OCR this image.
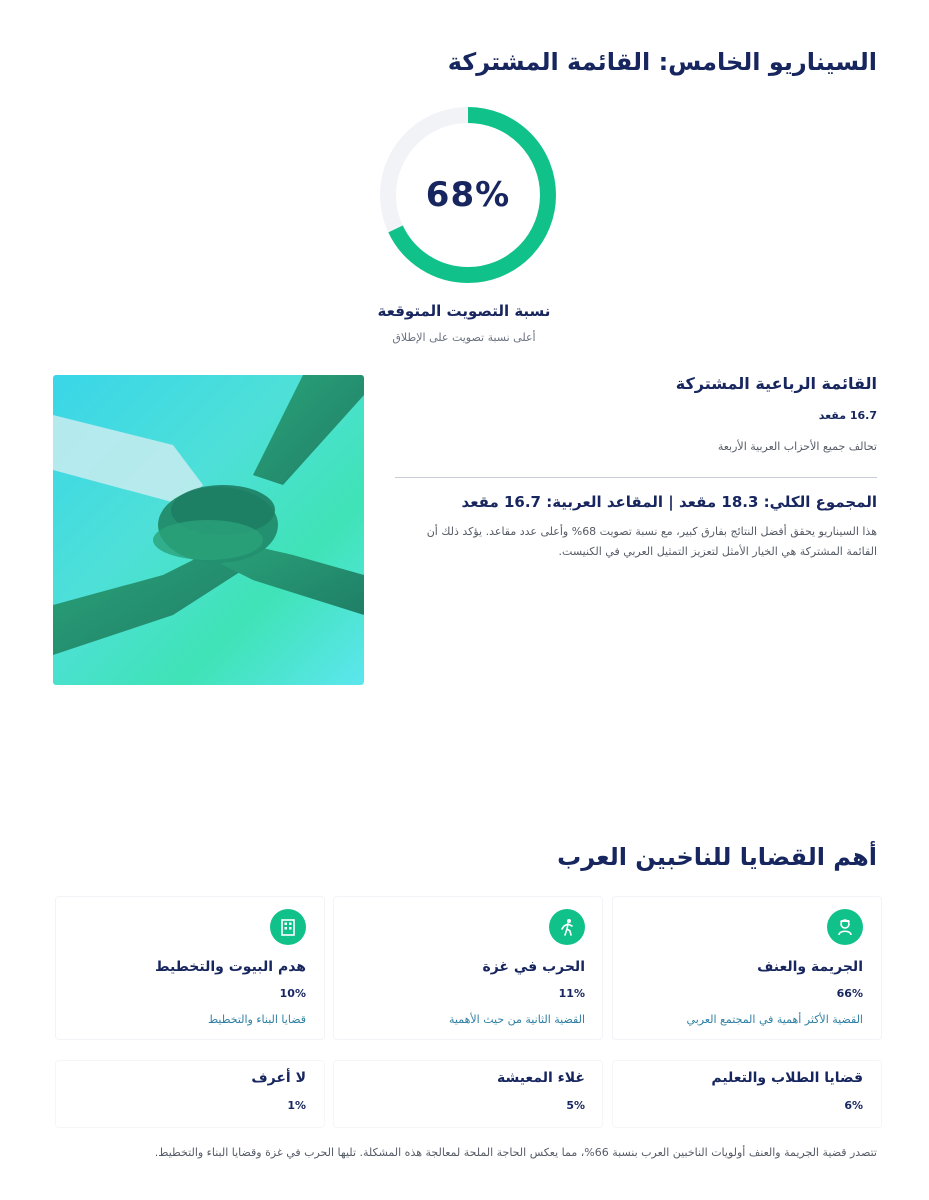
السيناريو الخامس: القائمة المشتركة
68%
نسبة التصويت المتوقعة
أعلى نسبة تصويت على الإطلاق
القائمة الرباعية المشتركة
16.7 مقعد
تحالف جميع الأحزاب العربية الأربعة
المجموع الكلي: 18.3 مقعد | المقاعد العربية: 16.7 مقعد
هذا السيناريو يحقق أفضل النتائج بفارق كبير، مع نسبة تصويت 68% وأعلى عدد مقاعد. يؤكد ذلك أن القائمة المشتركة هي الخيار الأمثل لتعزيز التمثيل العربي في الكنيست.
أهم القضايا للناخبين العرب
الجريمة والعنف
66%
القضية الأكثر أهمية في المجتمع العربي
الحرب في غزة
11%
القضية الثانية من حيث الأهمية
هدم البيوت والتخطيط
10%
قضايا البناء والتخطيط
قضايا الطلاب والتعليم
6%
غلاء المعيشة
5%
لا أعرف
1%
تتصدر قضية الجريمة والعنف أولويات الناخبين العرب بنسبة 66%، مما يعكس الحاجة الملحة لمعالجة هذه المشكلة. تليها الحرب في غزة وقضايا البناء والتخطيط.
